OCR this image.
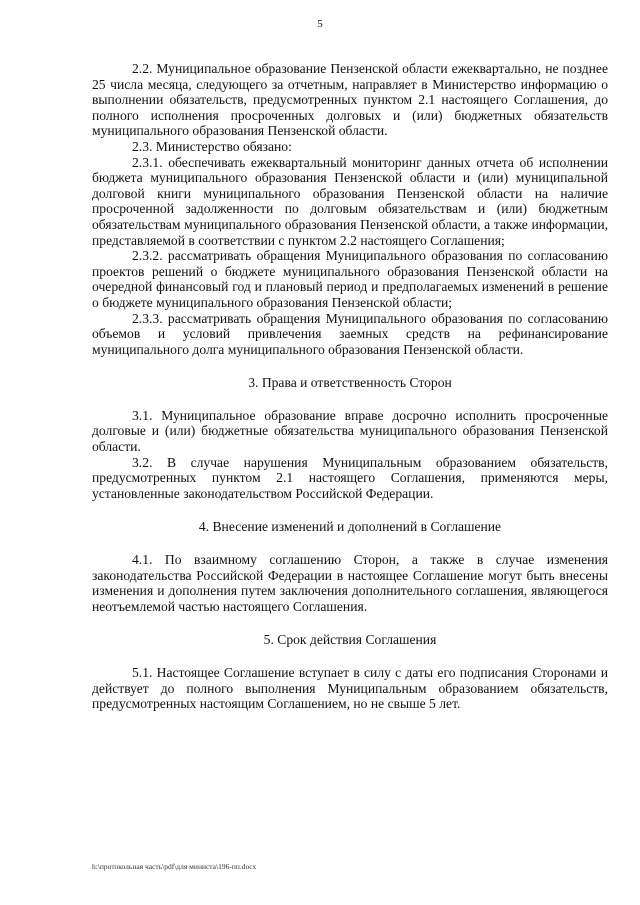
5

2.2. Муниципальное образование Пензенской области ежеквартально, не позднее 25 числа месяца, следующего за отчетным, направляет в Министерство информацию о выполнении обязательств, предусмотренных пунктом 2.1 настоящего Соглашения, до полного исполнения просроченных долговых и (или) бюджетных обязательств муниципального образования Пензенской области.

2.3. Министерство обязано:

2.3.1. обеспечивать ежеквартальный мониторинг данных отчета об исполнении бюджета муниципального образования Пензенской области и (или) муниципальной долговой книги муниципального образования Пензенской области на наличие просроченной задолженности по долговым обязательствам и (или) бюджетным обязательствам муниципального образования Пензенской области, а также информации, представляемой в соответствии с пунктом 2.2 настоящего Соглашения;

2.3.2. рассматривать обращения Муниципального образования по согласованию проектов решений о бюджете муниципального образования Пензенской области на очередной финансовый год и плановый период и предполагаемых изменений в решение о бюджете муниципального образования Пензенской области;

2.3.3. рассматривать обращения Муниципального образования по согласованию объемов и условий привлечения заемных средств на рефинансирование муниципального долга муниципального образования Пензенской области.

3. Права и ответственность Сторон

3.1. Муниципальное образование вправе досрочно исполнить просроченные долговые и (или) бюджетные обязательства муниципального образования Пензенской области.

3.2. В случае нарушения Муниципальным образованием обязательств, предусмотренных пунктом 2.1 настоящего Соглашения, применяются меры, установленные законодательством Российской Федерации.

4. Внесение изменений и дополнений в Соглашение

4.1. По взаимному соглашению Сторон, а также в случае изменения законодательства Российской Федерации в настоящее Соглашение могут быть внесены изменения и дополнения путем заключения дополнительного соглашения, являющегося неотъемлемой частью настоящего Соглашения.

5. Срок действия Соглашения

5.1. Настоящее Соглашение вступает в силу с даты его подписания Сторонами и действует до полного выполнения Муниципальным образованием обязательств, предусмотренных настоящим Соглашением, но не свыше 5 лет.

h:\протокольная часть\pdf\для министа\196-пп.docx
